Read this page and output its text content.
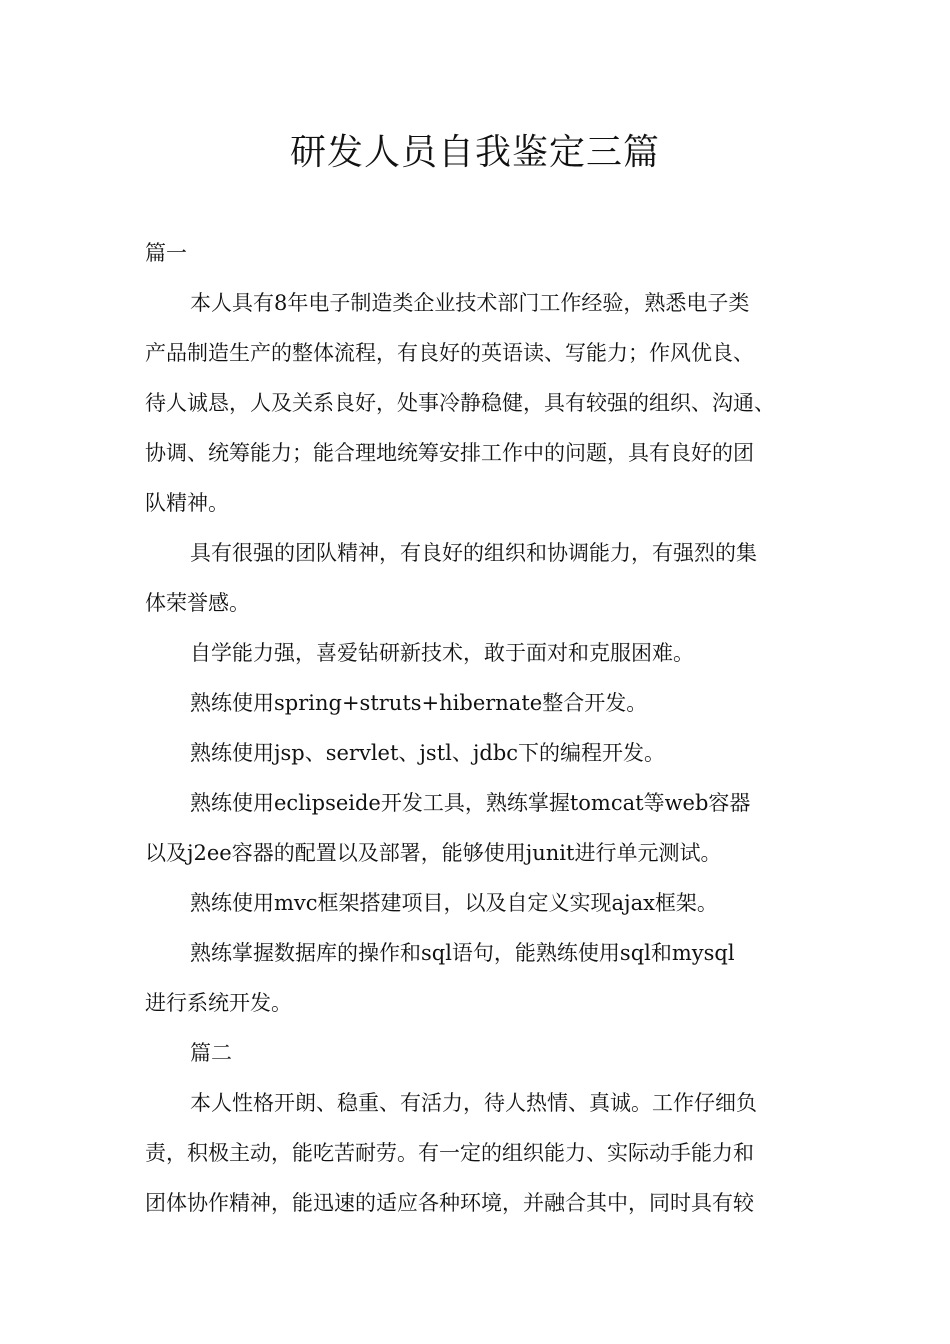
研发人员自我鉴定三篇
篇一
本人具有8年电子制造类企业技术部门工作经验，熟悉电子类
产品制造生产的整体流程，有良好的英语读、写能力；作风优良、
待人诚恳，人及关系良好，处事冷静稳健，具有较强的组织、沟通、
协调、统筹能力；能合理地统筹安排工作中的问题，具有良好的团
队精神。
具有很强的团队精神，有良好的组织和协调能力，有强烈的集
体荣誉感。
自学能力强，喜爱钻研新技术，敢于面对和克服困难。
熟练使用spring+struts+hibernate整合开发。
熟练使用jsp、servlet、jstl、jdbc下的编程开发。
熟练使用eclipseide开发工具，熟练掌握tomcat等web容器
以及j2ee容器的配置以及部署，能够使用junit进行单元测试。
熟练使用mvc框架搭建项目，以及自定义实现ajax框架。
熟练掌握数据库的操作和sql语句，能熟练使用sql和mysql
进行系统开发。
篇二
本人性格开朗、稳重、有活力，待人热情、真诚。工作仔细负
责，积极主动，能吃苦耐劳。有一定的组织能力、实际动手能力和
团体协作精神，能迅速的适应各种环境，并融合其中，同时具有较
